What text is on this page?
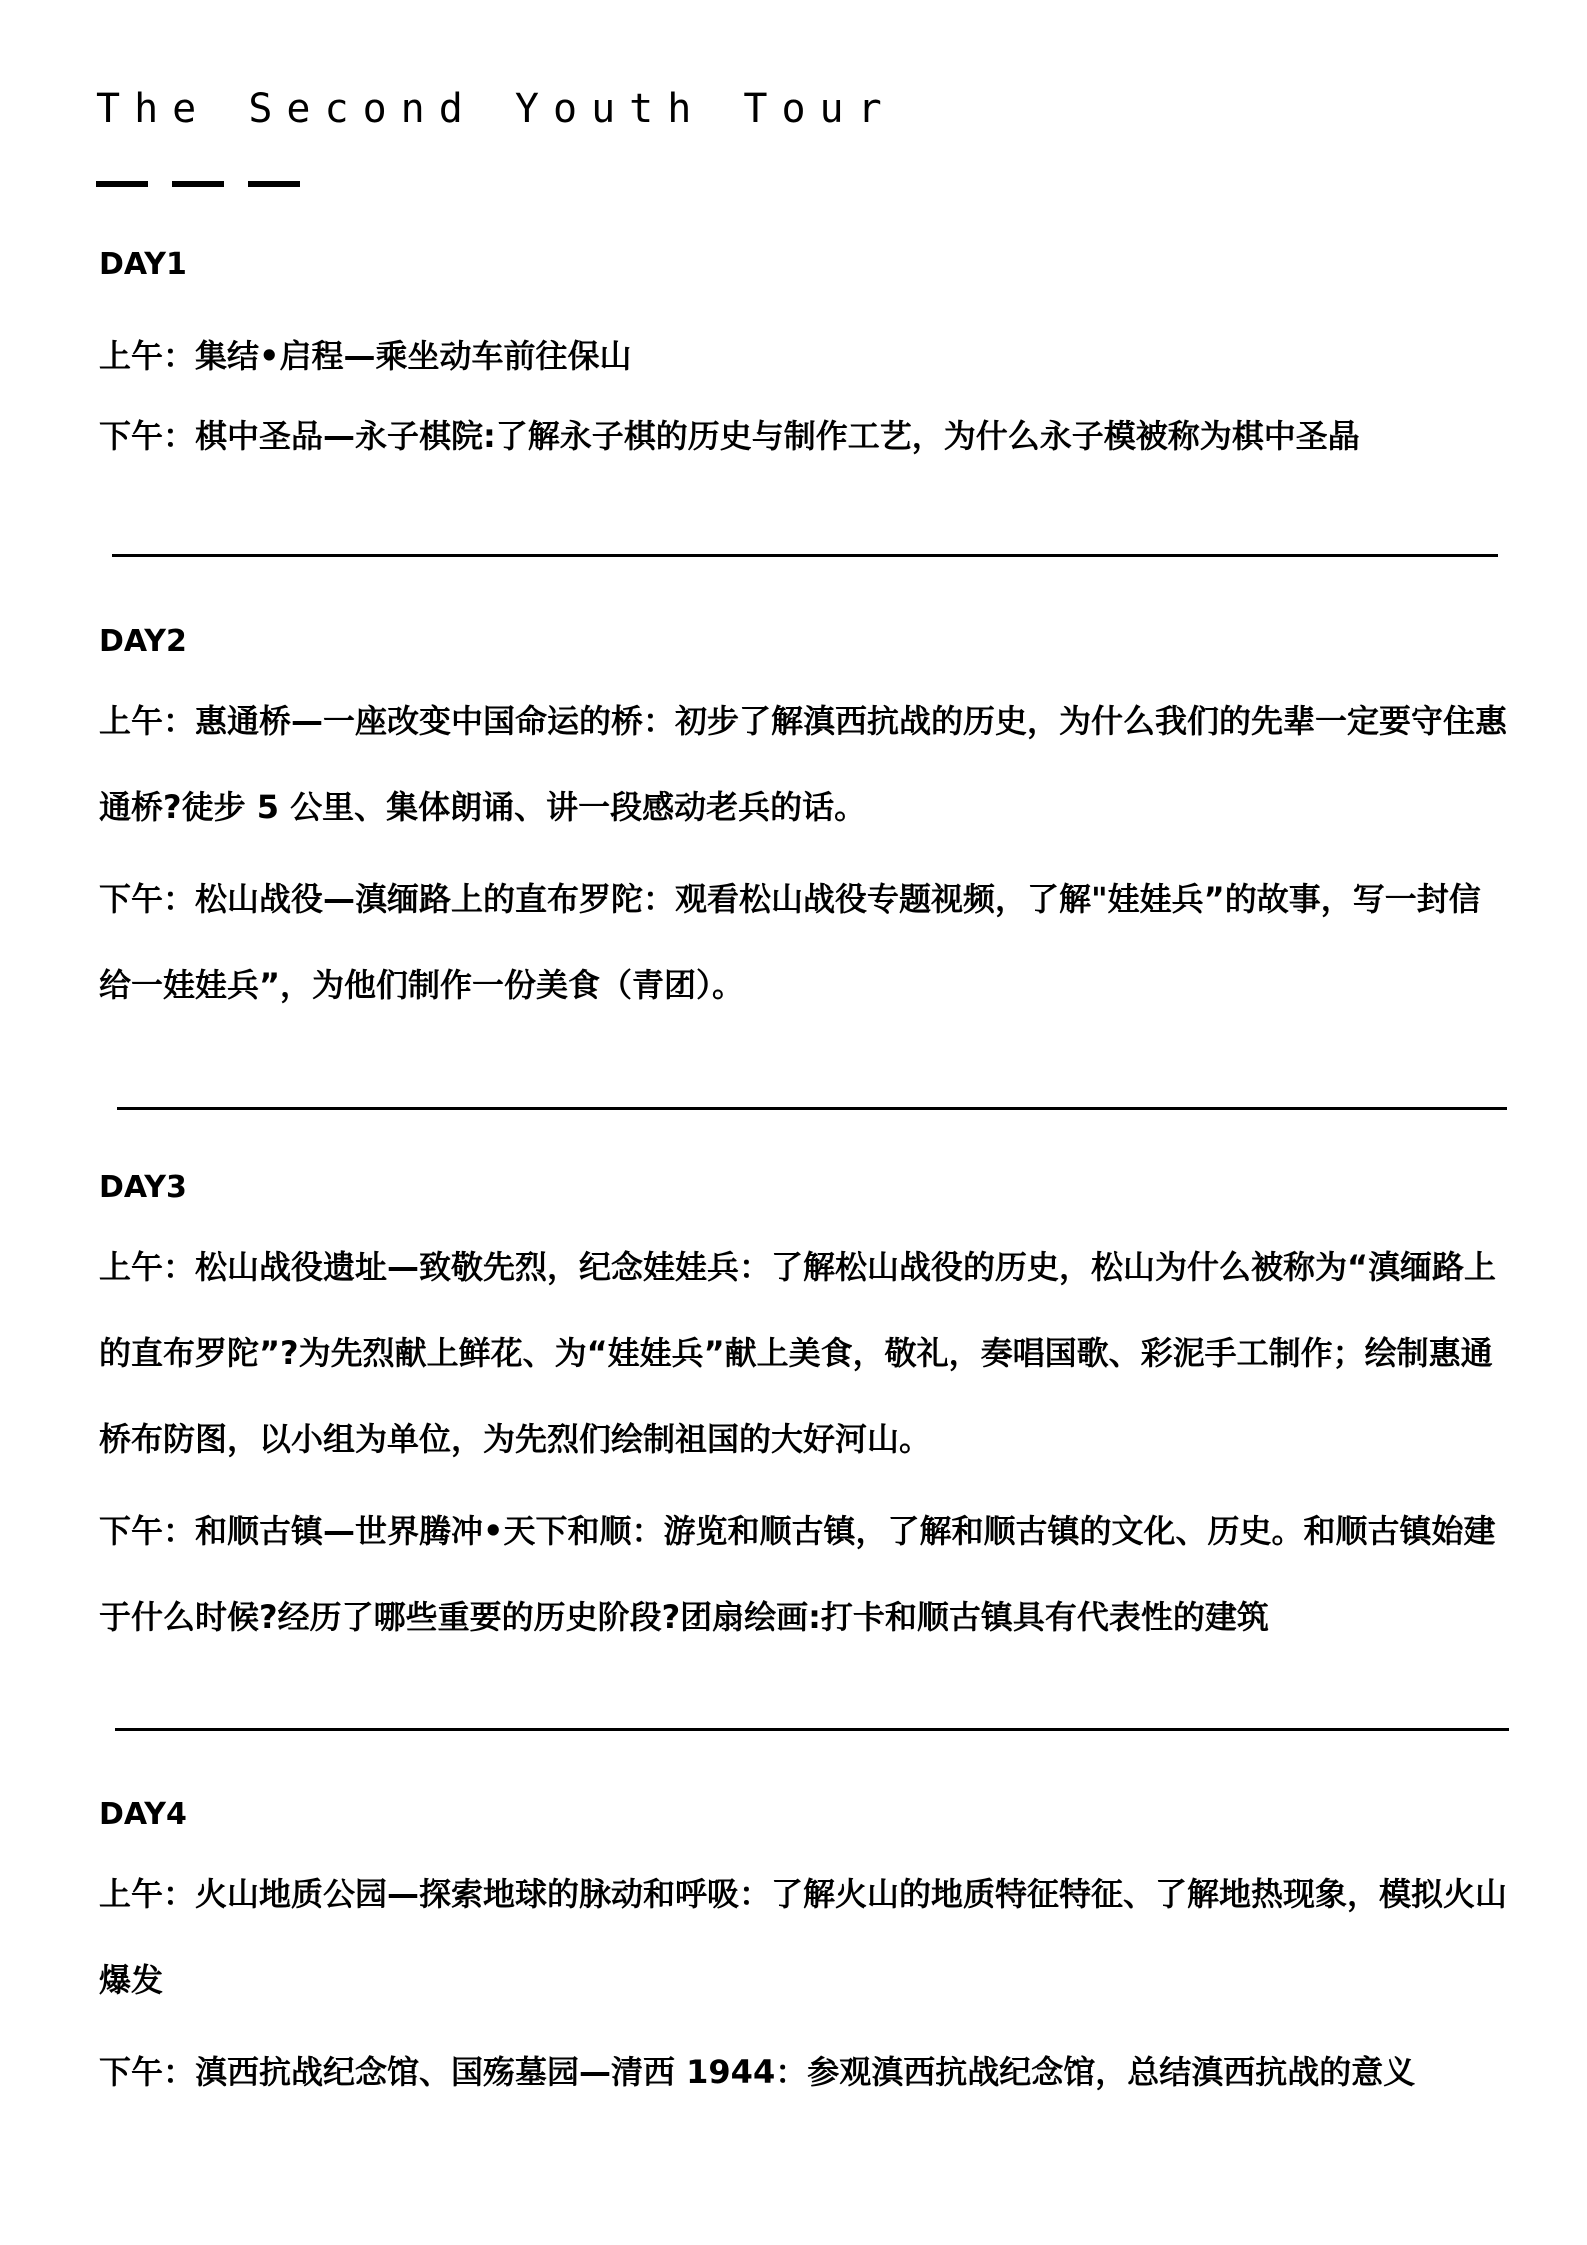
The Second Youth Tour
DAY1
上午：集结•启程—乘坐动车前往保山
下午：棋中圣品—永子棋院:了解永子棋的历史与制作工艺，为什么永子模被称为棋中圣晶
DAY2
上午：惠通桥—一座改变中国命运的桥：初步了解滇西抗战的历史，为什么我们的先辈一定要守住惠通桥?徒步 5 公里、集体朗诵、讲一段感动老兵的话。
下午：松山战役—滇缅路上的直布罗陀：观看松山战役专题视频，了解"娃娃兵”的故事，写一封信给一娃娃兵”，为他们制作一份美食（青团）。
DAY3
上午：松山战役遗址—致敬先烈，纪念娃娃兵：了解松山战役的历史，松山为什么被称为“滇缅路上的直布罗陀”?为先烈献上鲜花、为“娃娃兵”献上美食，敬礼，奏唱国歌、彩泥手工制作；绘制惠通桥布防图，以小组为单位，为先烈们绘制祖国的大好河山。
下午：和顺古镇—世界腾冲•天下和顺：游览和顺古镇，了解和顺古镇的文化、历史。和顺古镇始建于什么时候?经历了哪些重要的历史阶段?团扇绘画:打卡和顺古镇具有代表性的建筑
DAY4
上午：火山地质公园—探索地球的脉动和呼吸：了解火山的地质特征特征、了解地热现象，模拟火山爆发
下午：滇西抗战纪念馆、国殇墓园—清西 1944：参观滇西抗战纪念馆，总结滇西抗战的意义
